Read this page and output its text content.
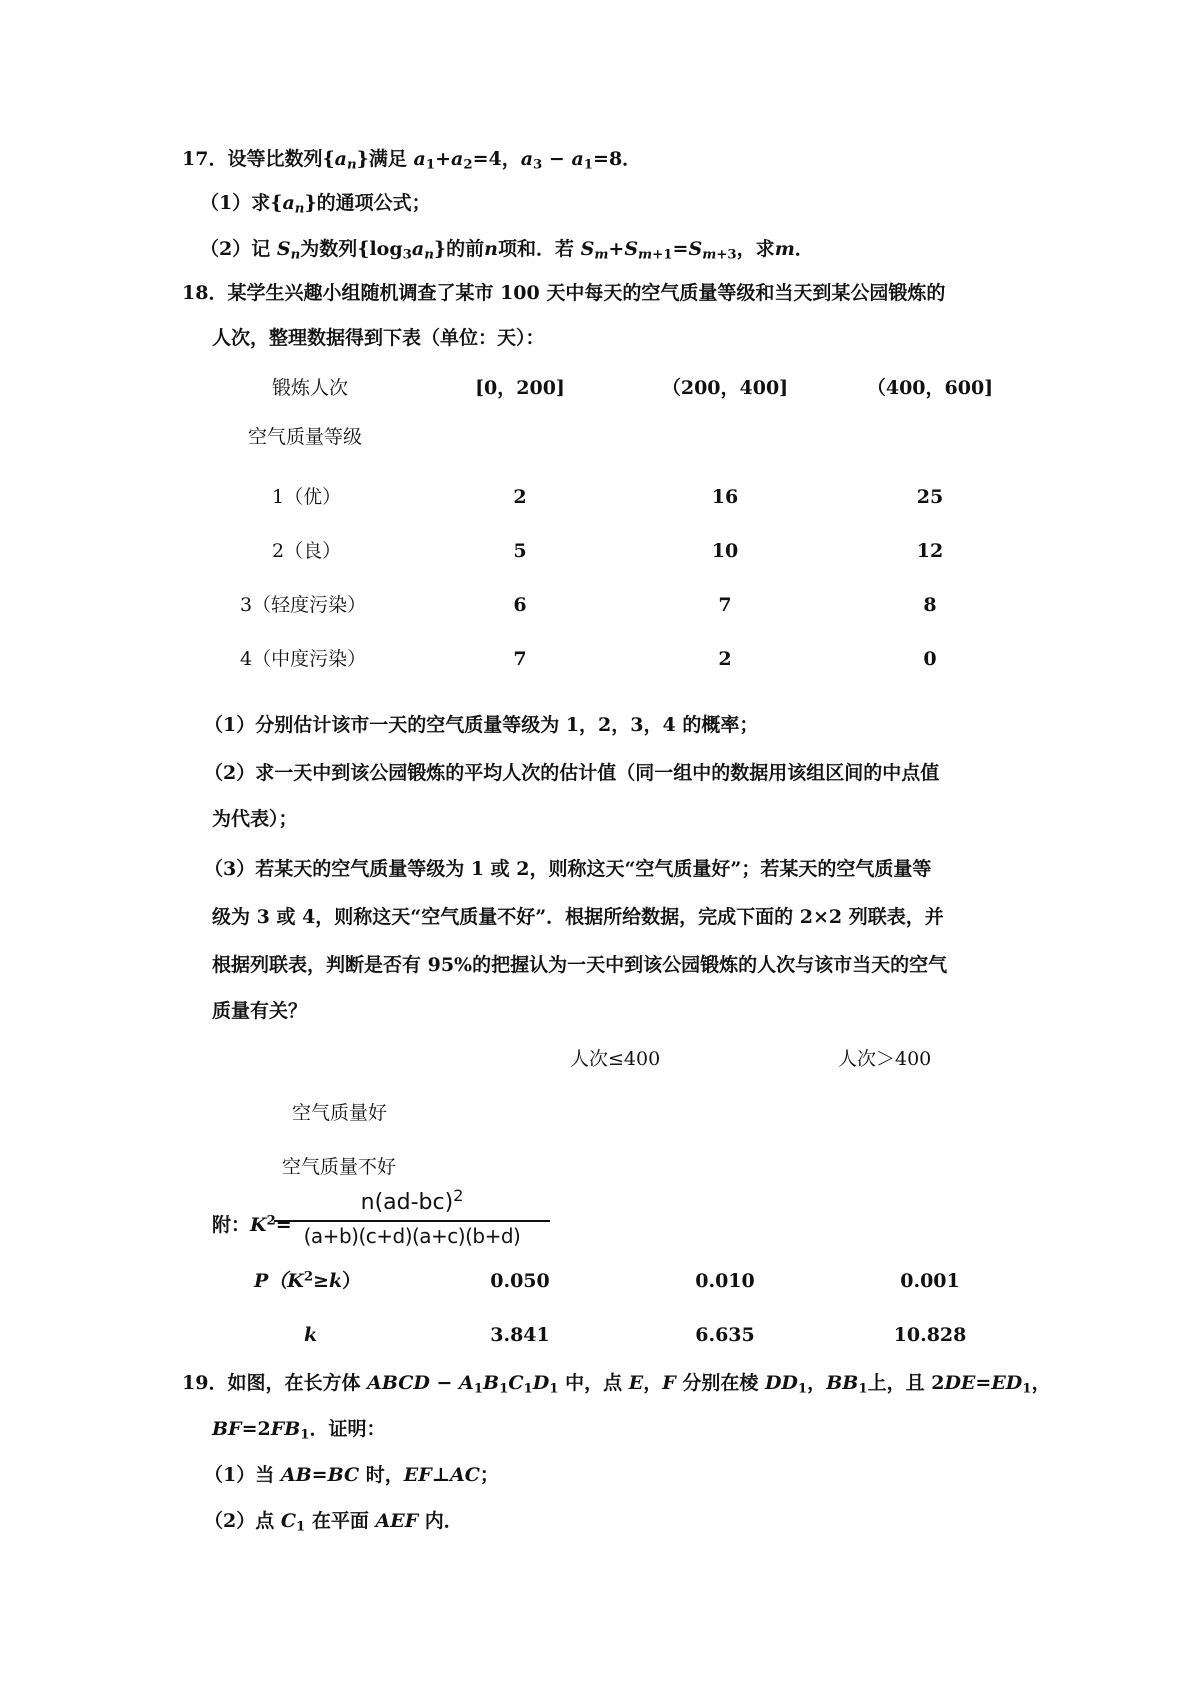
17．设等比数列$\{a_n\}$满足 $a_1+a_2=4$，$a_3 - a_1=8$．
（1）求$\{a_n\}$的通项公式；
（2）记 $S_n$为数列$\{\log_3a_n\}$的前n项和．若 $S_m+S_{m+1}=S_{m+3}$，求m．
18．某学生兴趣小组随机调查了某市 100 天中每天的空气质量等级和当天到某公园锻炼的
人次，整理数据得到下表（单位：天）：
锻炼人次	[0，200]	（200，400]	（400，600]
空气质量等级
1（优）	2	16	25
2（良）	5	10	12
3（轻度污染）	6	7	8
4（中度污染）	7	2	0
（1）分别估计该市一天的空气质量等级为 1，2，3，4 的概率；
（2）求一天中到该公园锻炼的平均人次的估计值（同一组中的数据用该组区间的中点值
为代表）；
（3）若某天的空气质量等级为 1 或 2，则称这天“空气质量好”；若某天的空气质量等
级为 3 或 4，则称这天“空气质量不好”．根据所给数据，完成下面的 2×2 列联表，并
根据列联表，判断是否有 95%的把握认为一天中到该公园锻炼的人次与该市当天的空气
质量有关？
人次≤400	人次＞400
空气质量好
空气质量不好
附：$K^2=$
$n(ad-bc)^2$
(a+b)(c+d)(a+c)(b+d)
$P(K^2\ge k)$	0.050	0.010	0.001
k	3.841	6.635	10.828
19．如图，在长方体 ABCD − $A_1B_1C_1D_1$ 中，点 E，F 分别在棱 $DD_1$，$BB_1$上，且 $2DE=ED_1$，
$BF=2FB_1$．证明：
（1）当 AB=BC 时，EF⊥AC；
（2）点 $C_1$ 在平面 AEF 内．
